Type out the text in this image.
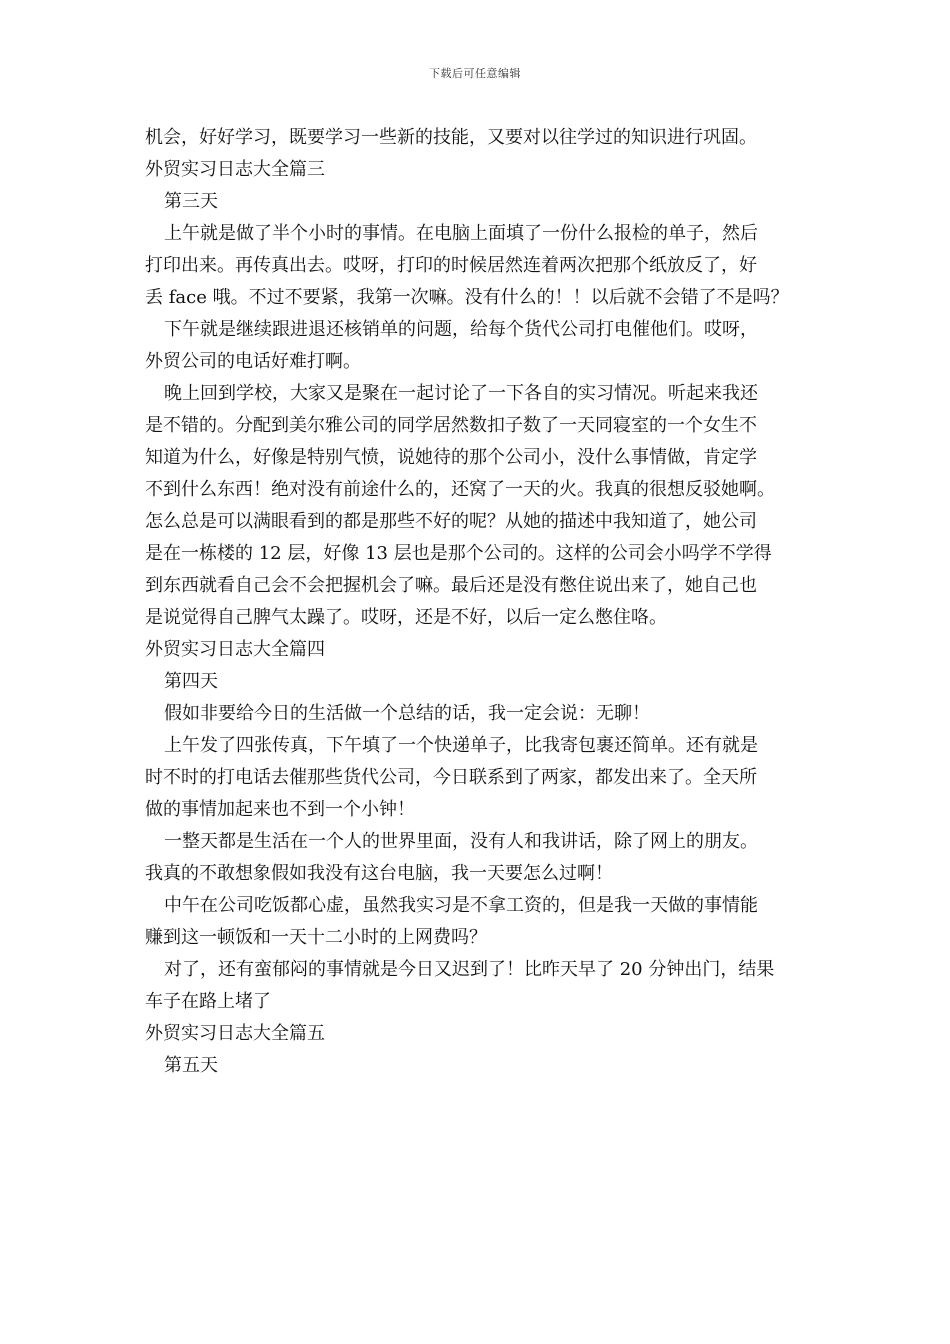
下载后可任意编辑
机会，好好学习，既要学习一些新的技能，又要对以往学过的知识进行巩固。
外贸实习日志大全篇三
第三天
上午就是做了半个小时的事情。在电脑上面填了一份什么报检的单子，然后
打印出来。再传真出去。哎呀，打印的时候居然连着两次把那个纸放反了，好
丢 face 哦。不过不要紧，我第一次嘛。没有什么的！！以后就不会错了不是吗？
下午就是继续跟进退还核销单的问题，给每个货代公司打电催他们。哎呀，
外贸公司的电话好难打啊。
晚上回到学校，大家又是聚在一起讨论了一下各自的实习情况。听起来我还
是不错的。分配到美尔雅公司的同学居然数扣子数了一天同寝室的一个女生不
知道为什么，好像是特别气愤，说她待的那个公司小，没什么事情做，肯定学
不到什么东西！绝对没有前途什么的，还窝了一天的火。我真的很想反驳她啊。
怎么总是可以满眼看到的都是那些不好的呢？从她的描述中我知道了，她公司
是在一栋楼的 12 层，好像 13 层也是那个公司的。这样的公司会小吗学不学得
到东西就看自己会不会把握机会了嘛。最后还是没有憋住说出来了，她自己也
是说觉得自己脾气太躁了。哎呀，还是不好，以后一定么憋住咯。
外贸实习日志大全篇四
第四天
假如非要给今日的生活做一个总结的话，我一定会说：无聊！
上午发了四张传真，下午填了一个快递单子，比我寄包裹还简单。还有就是
时不时的打电话去催那些货代公司，今日联系到了两家，都发出来了。全天所
做的事情加起来也不到一个小钟！
一整天都是生活在一个人的世界里面，没有人和我讲话，除了网上的朋友。
我真的不敢想象假如我没有这台电脑，我一天要怎么过啊！
中午在公司吃饭都心虚，虽然我实习是不拿工资的，但是我一天做的事情能
赚到这一顿饭和一天十二小时的上网费吗？
对了，还有蛮郁闷的事情就是今日又迟到了！比昨天早了 20 分钟出门，结果
车子在路上堵了
外贸实习日志大全篇五
第五天
